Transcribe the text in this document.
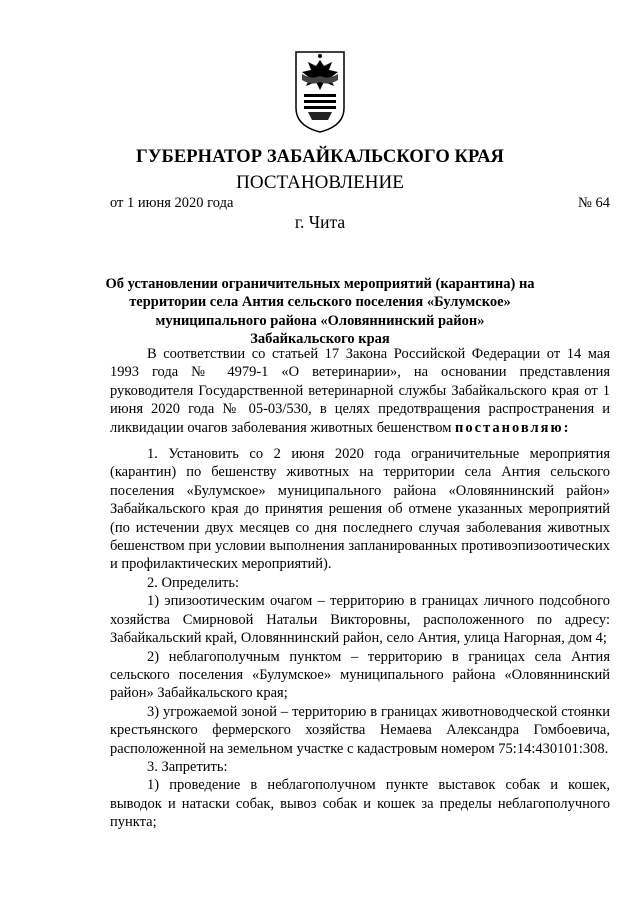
ГУБЕРНАТОР ЗАБАЙКАЛЬСКОГО КРАЯ
ПОСТАНОВЛЕНИЕ
от 1 июня 2020 года	№ 64
г. Чита
Об установлении ограничительных мероприятий (карантина) на территории села Антия сельского поселения «Булумское» муниципального района «Оловяннинский район» Забайкальского края

В соответствии со статьей 17 Закона Российской Федерации от 14 мая 1993 года № 4979-1 «О ветеринарии», на основании представления руководителя Государственной ветеринарной службы Забайкальского края от 1 июня 2020 года № 05-03/530, в целях предотвращения распространения и ликвидации очагов заболевания животных бешенством постановляю:

1. Установить со 2 июня 2020 года ограничительные мероприятия (карантин) по бешенству животных на территории села Антия сельского поселения «Булумское» муниципального района «Оловяннинский район» Забайкальского края до принятия решения об отмене указанных мероприятий (по истечении двух месяцев со дня последнего случая заболевания животных бешенством при условии выполнения запланированных противоэпизоотических и профилактических мероприятий).

2. Определить:

1) эпизоотическим очагом – территорию в границах личного подсобного хозяйства Смирновой Натальи Викторовны, расположенного по адресу: Забайкальский край, Оловяннинский район, село Антия, улица Нагорная, дом 4;

2) неблагополучным пунктом – территорию в границах села Антия сельского поселения «Булумское» муниципального района «Оловяннинский район» Забайкальского края;

3) угрожаемой зоной – территорию в границах животноводческой стоянки крестьянского фермерского хозяйства Немаева Александра Гомбоевича, расположенной на земельном участке с кадастровым номером 75:14:430101:308.

3. Запретить:

1) проведение в неблагополучном пункте выставок собак и кошек, выводок и натаски собак, вывоз собак и кошек за пределы неблагополучного пункта;
